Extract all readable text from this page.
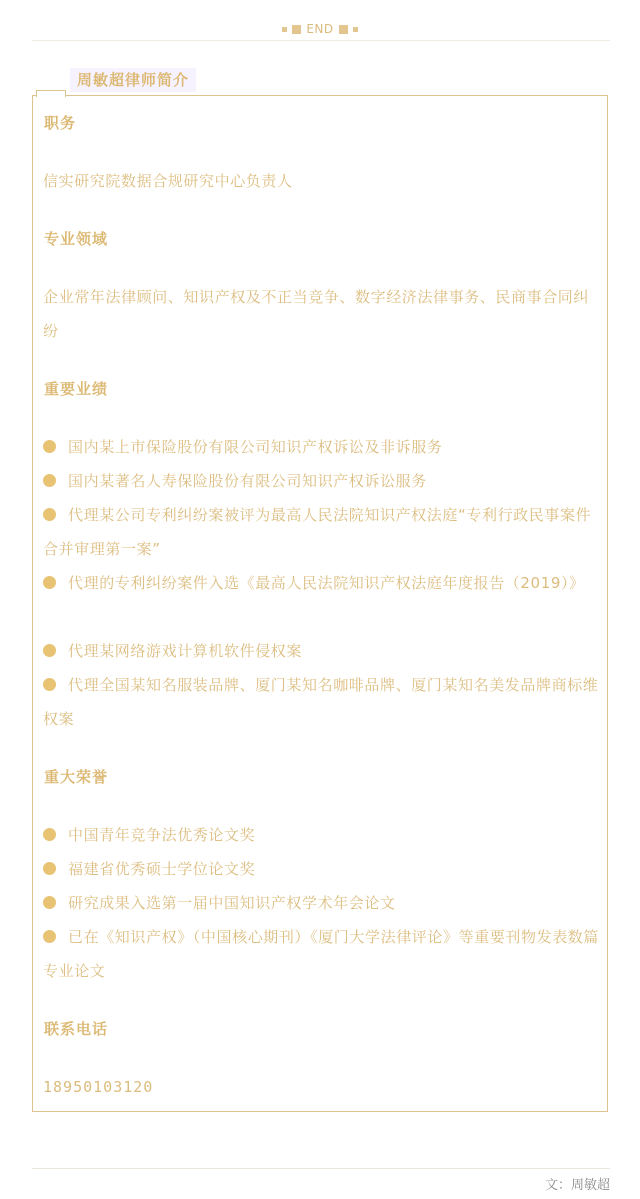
END
周敏超律师简介
职务
信实研究院数据合规研究中心负责人
专业领域
企业常年法律顾问、知识产权及不正当竞争、数字经济法律事务、民商事合同纠纷
重要业绩
国内某上市保险股份有限公司知识产权诉讼及非诉服务
国内某著名人寿保险股份有限公司知识产权诉讼服务
代理某公司专利纠纷案被评为最高人民法院知识产权法庭“专利行政民事案件合并审理第一案”
代理的专利纠纷案件入选《最高人民法院知识产权法庭年度报告（2019）》
代理某网络游戏计算机软件侵权案
代理全国某知名服装品牌、厦门某知名咖啡品牌、厦门某知名美发品牌商标维权案
重大荣誉
中国青年竞争法优秀论文奖
福建省优秀硕士学位论文奖
研究成果入选第一届中国知识产权学术年会论文
已在《知识产权》（中国核心期刊）《厦门大学法律评论》等重要刊物发表数篇专业论文
联系电话
18950103120
文：周敏超
